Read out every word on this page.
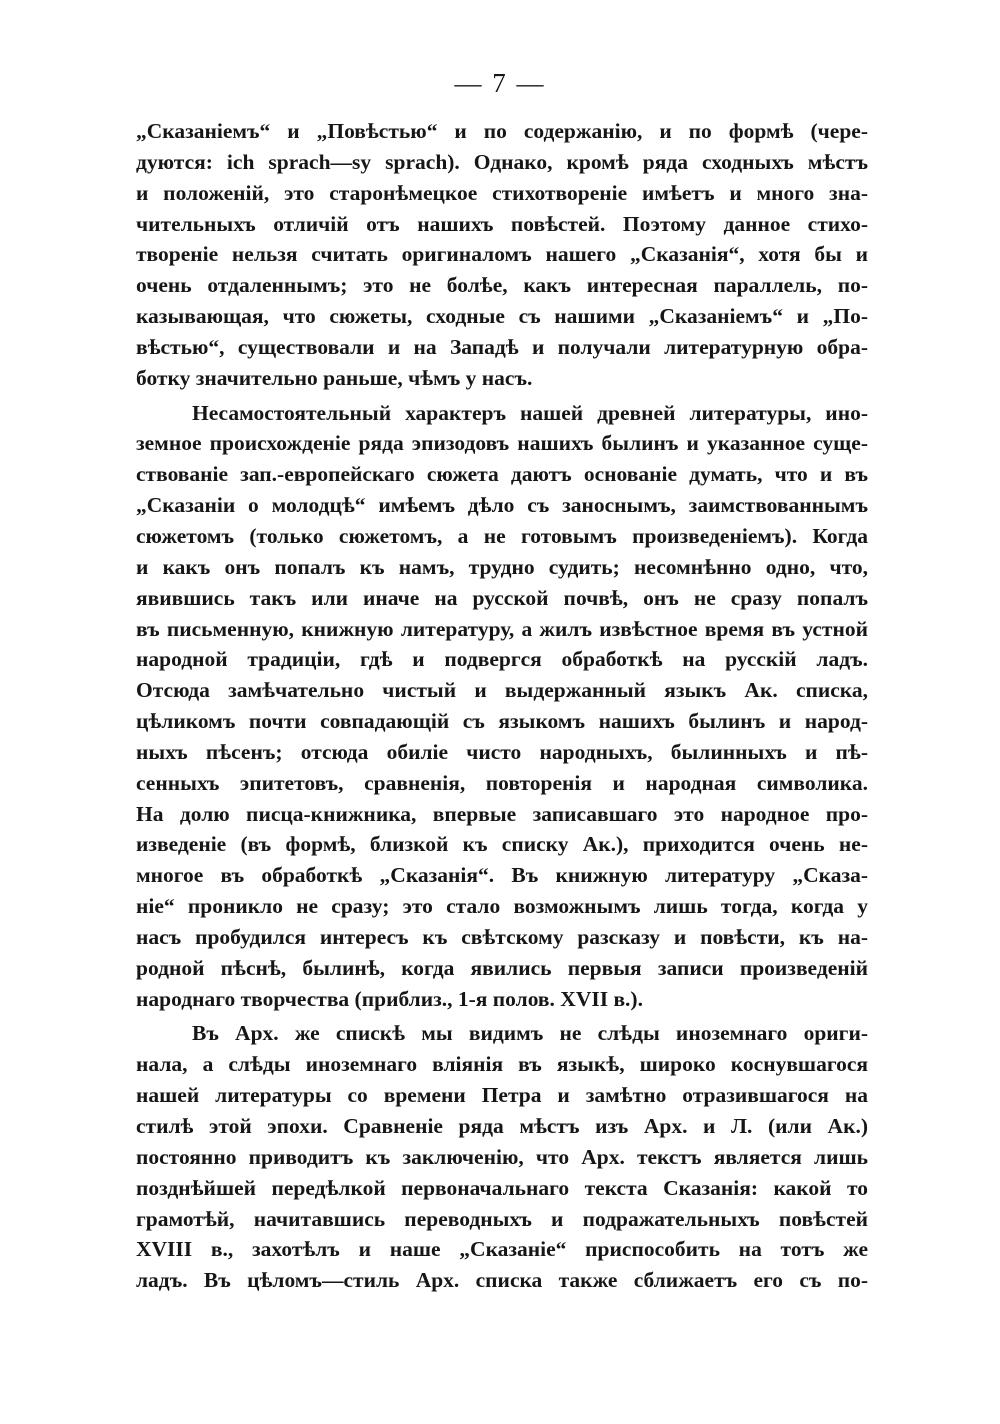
— 7 —
„Сказаніемъ“ и „Повѣстью“ и по содержанію, и по формѣ (чере-
дуются: ich sprach—sy sprach). Однако, кромѣ ряда сходныхъ мѣстъ
и положеній, это старонѣмецкое стихотвореніе имѣетъ и много зна-
чительныхъ отличій отъ нашихъ повѣстей. Поэтому данное стихо-
твореніе нельзя считать оригиналомъ нашего „Сказанія“, хотя бы и
очень отдаленнымъ; это не болѣе, какъ интересная параллель, по-
казывающая, что сюжеты, сходные съ нашими „Сказаніемъ“ и „По-
вѣстью“, существовали и на Западѣ и получали литературную обра-
ботку значительно раньше, чѣмъ у насъ.
Несамостоятельный характеръ нашей древней литературы, ино-
земное происхожденіе ряда эпизодовъ нашихъ былинъ и указанное суще-
ствованіе зап.-европейскаго сюжета даютъ основаніе думать, что и въ
„Сказаніи о молодцѣ“ имѣемъ дѣло съ заноснымъ, заимствованнымъ
сюжетомъ (только сюжетомъ, а не готовымъ произведеніемъ). Когда
и какъ онъ попалъ къ намъ, трудно судить; несомнѣнно одно, что,
явившись такъ или иначе на русской почвѣ, онъ не сразу попалъ
въ письменную, книжную литературу, а жилъ извѣстное время въ устной
народной традиціи, гдѣ и подвергся обработкѣ на русскій ладъ.
Отсюда замѣчательно чистый и выдержанный языкъ Ак. списка,
цѣликомъ почти совпадающій съ языкомъ нашихъ былинъ и народ-
ныхъ пѣсенъ; отсюда обиліе чисто народныхъ, былинныхъ и пѣ-
сенныхъ эпитетовъ, сравненія, повторенія и народная символика.
На долю писца-книжника, впервые записавшаго это народное про-
изведеніе (въ формѣ, близкой къ списку Ак.), приходится очень не-
многое въ обработкѣ „Сказанія“. Въ книжную литературу „Сказа-
ніе“ проникло не сразу; это стало возможнымъ лишь тогда, когда у
насъ пробудился интересъ къ свѣтскому разсказу и повѣсти, къ на-
родной пѣснѣ, былинѣ, когда явились первыя записи произведеній
народнаго творчества (приблиз., 1-я полов. XVII в.).
Въ Арх. же спискѣ мы видимъ не слѣды иноземнаго ориги-
нала, а слѣды иноземнаго вліянія въ языкѣ, широко коснувшагося
нашей литературы со времени Петра и замѣтно отразившагося на
стилѣ этой эпохи. Сравненіе ряда мѣстъ изъ Арх. и Л. (или Ак.)
постоянно приводитъ къ заключенію, что Арх. текстъ является лишь
позднѣйшей передѣлкой первоначальнаго текста Сказанія: какой то
грамотѣй, начитавшись переводныхъ и подражательныхъ повѣстей
XVIII в., захотѣлъ и наше „Сказаніе“ приспособить на тотъ же
ладъ. Въ цѣломъ—стиль Арх. списка также сближаетъ его съ по-
